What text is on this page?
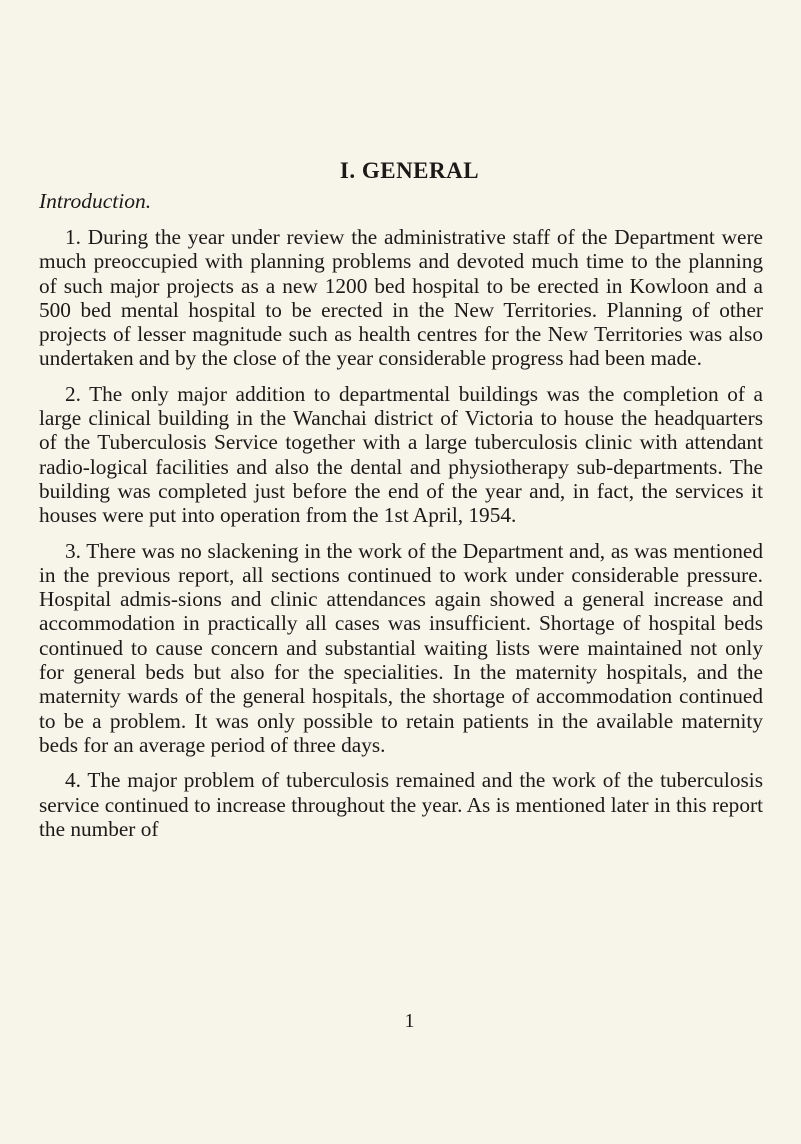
I. GENERAL
Introduction.

1. During the year under review the administrative staff of the Department were much preoccupied with planning problems and devoted much time to the planning of such major projects as a new 1200 bed hospital to be erected in Kowloon and a 500 bed mental hospital to be erected in the New Territories. Planning of other projects of lesser magnitude such as health centres for the New Territories was also undertaken and by the close of the year considerable progress had been made.

2. The only major addition to departmental buildings was the completion of a large clinical building in the Wanchai district of Victoria to house the headquarters of the Tuberculosis Service together with a large tuberculosis clinic with attendant radio-logical facilities and also the dental and physiotherapy sub-departments. The building was completed just before the end of the year and, in fact, the services it houses were put into operation from the 1st April, 1954.

3. There was no slackening in the work of the Department and, as was mentioned in the previous report, all sections continued to work under considerable pressure. Hospital admis-sions and clinic attendances again showed a general increase and accommodation in practically all cases was insufficient. Shortage of hospital beds continued to cause concern and substantial waiting lists were maintained not only for general beds but also for the specialities. In the maternity hospitals, and the maternity wards of the general hospitals, the shortage of accommodation continued to be a problem. It was only possible to retain patients in the available maternity beds for an average period of three days.

4. The major problem of tuberculosis remained and the work of the tuberculosis service continued to increase throughout the year. As is mentioned later in this report the number of

1
